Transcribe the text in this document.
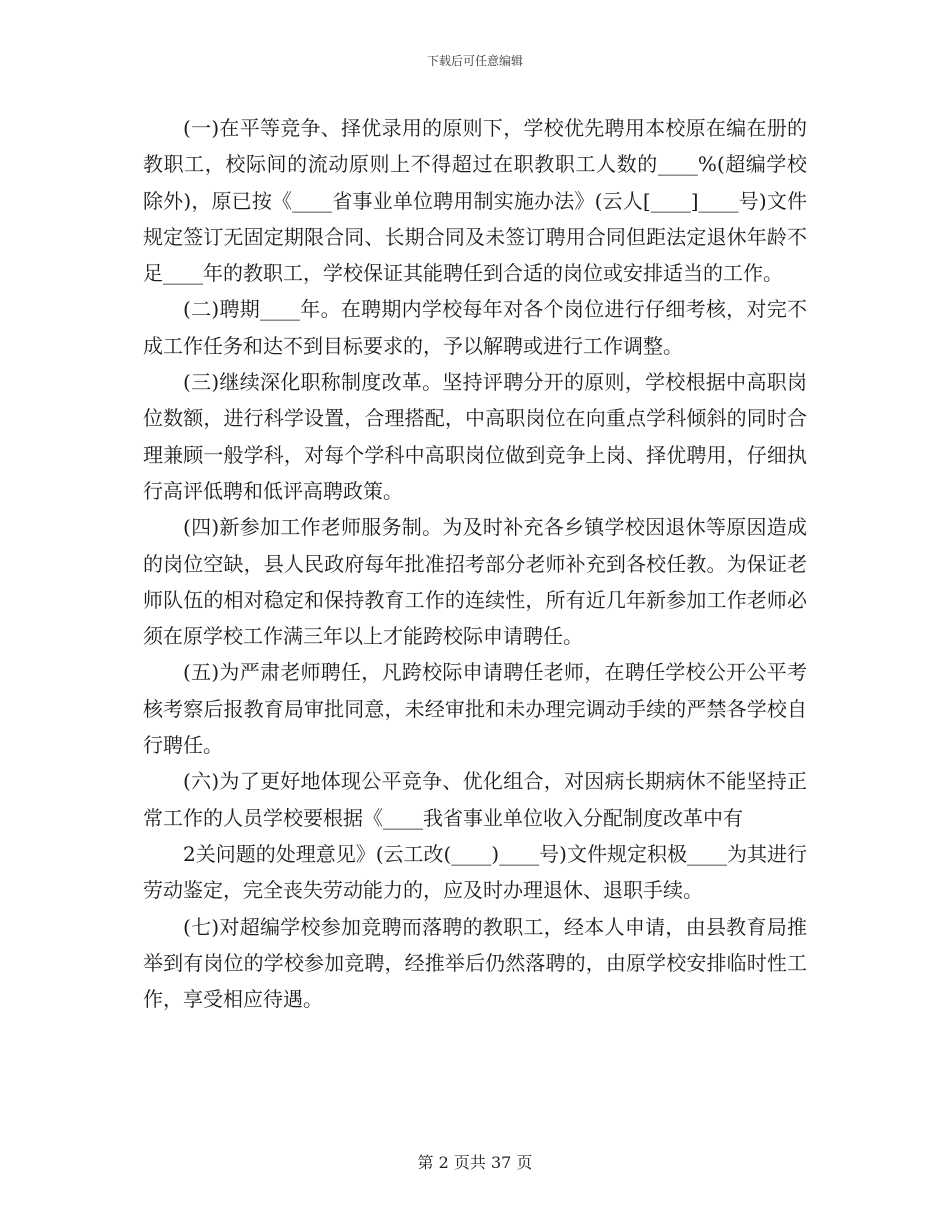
下载后可任意编辑

(一)在平等竞争、择优录用的原则下，学校优先聘用本校原在编在册的教职工，校际间的流动原则上不得超过在职教职工人数的____%(超编学校除外)，原已按《____省事业单位聘用制实施办法》(云人[____]____号)文件规定签订无固定期限合同、长期合同及未签订聘用合同但距法定退休年龄不足____年的教职工，学校保证其能聘任到合适的岗位或安排适当的工作。

(二)聘期____年。在聘期内学校每年对各个岗位进行仔细考核，对完不成工作任务和达不到目标要求的，予以解聘或进行工作调整。

(三)继续深化职称制度改革。坚持评聘分开的原则，学校根据中高职岗位数额，进行科学设置，合理搭配，中高职岗位在向重点学科倾斜的同时合理兼顾一般学科，对每个学科中高职岗位做到竞争上岗、择优聘用，仔细执行高评低聘和低评高聘政策。

(四)新参加工作老师服务制。为及时补充各乡镇学校因退休等原因造成的岗位空缺，县人民政府每年批准招考部分老师补充到各校任教。为保证老师队伍的相对稳定和保持教育工作的连续性，所有近几年新参加工作老师必须在原学校工作满三年以上才能跨校际申请聘任。

(五)为严肃老师聘任，凡跨校际申请聘任老师，在聘任学校公开公平考核考察后报教育局审批同意，未经审批和未办理完调动手续的严禁各学校自行聘任。

(六)为了更好地体现公平竞争、优化组合，对因病长期病休不能坚持正常工作的人员学校要根据《____我省事业单位收入分配制度改革中有

2关问题的处理意见》(云工改(____)____号)文件规定积极____为其进行劳动鉴定，完全丧失劳动能力的，应及时办理退休、退职手续。

(七)对超编学校参加竞聘而落聘的教职工，经本人申请，由县教育局推举到有岗位的学校参加竞聘，经推举后仍然落聘的，由原学校安排临时性工作，享受相应待遇。

第 2 页共 37 页
